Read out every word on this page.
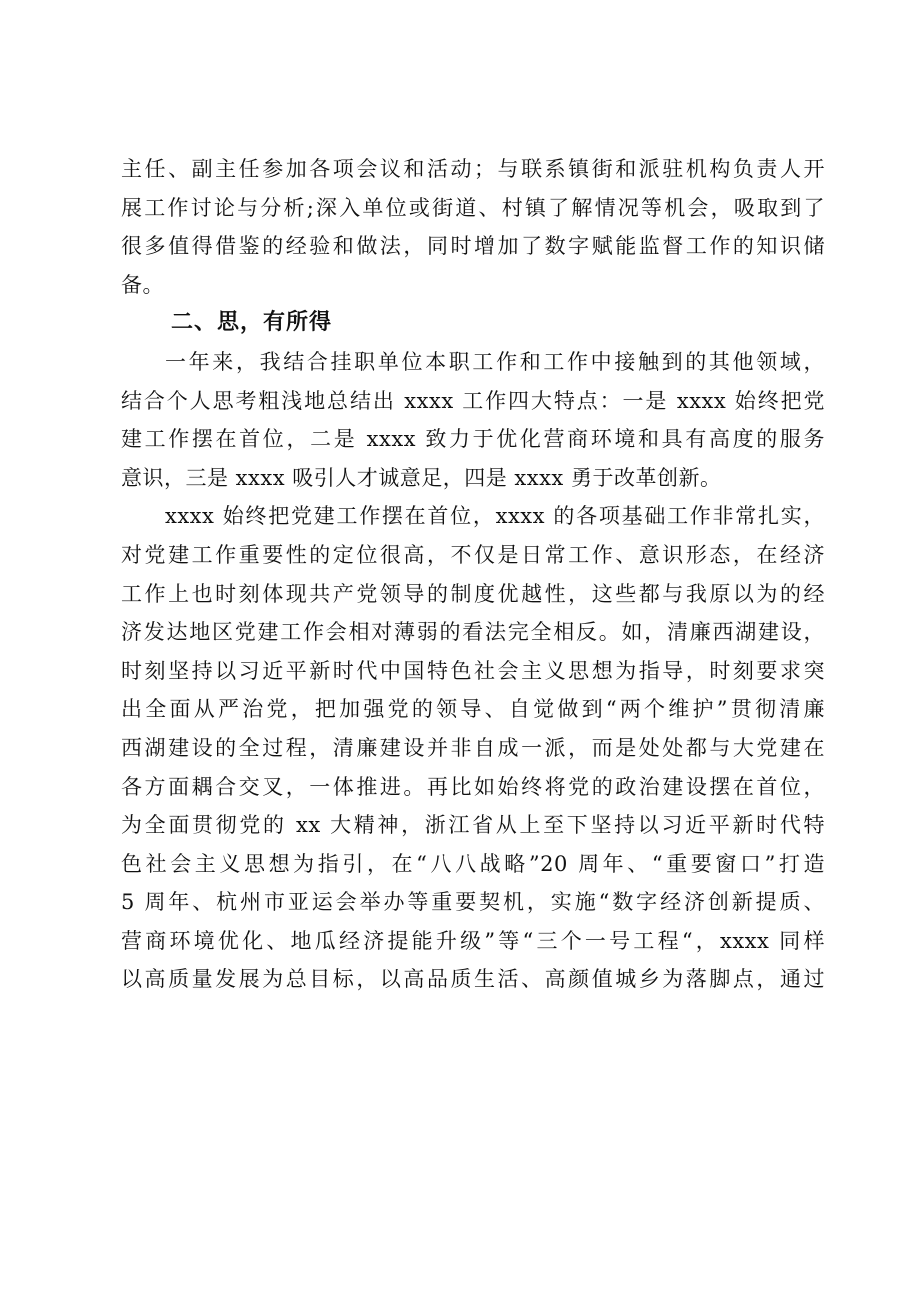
主任、副主任参加各项会议和活动；与联系镇街和派驻机构负责人开
展工作讨论与分析;深入单位或街道、村镇了解情况等机会，吸取到了
很多值得借鉴的经验和做法，同时增加了数字赋能监督工作的知识储
备。
二、思，有所得
一年来，我结合挂职单位本职工作和工作中接触到的其他领域，
结合个人思考粗浅地总结出 xxxx 工作四大特点：一是 xxxx 始终把党
建工作摆在首位，二是 xxxx 致力于优化营商环境和具有高度的服务
意识，三是 xxxx 吸引人才诚意足，四是 xxxx 勇于改革创新。
xxxx 始终把党建工作摆在首位，xxxx 的各项基础工作非常扎实，
对党建工作重要性的定位很高，不仅是日常工作、意识形态，在经济
工作上也时刻体现共产党领导的制度优越性，这些都与我原以为的经
济发达地区党建工作会相对薄弱的看法完全相反。如，清廉西湖建设，
时刻坚持以习近平新时代中国特色社会主义思想为指导，时刻要求突
出全面从严治党，把加强党的领导、自觉做到“两个维护”贯彻清廉
西湖建设的全过程，清廉建设并非自成一派，而是处处都与大党建在
各方面耦合交叉，一体推进。再比如始终将党的政治建设摆在首位，
为全面贯彻党的 xx 大精神，浙江省从上至下坚持以习近平新时代特
色社会主义思想为指引，在“八八战略”20 周年、“重要窗口”打造
5 周年、杭州市亚运会举办等重要契机，实施“数字经济创新提质、
营商环境优化、地瓜经济提能升级”等“三个一号工程“，xxxx 同样
以高质量发展为总目标，以高品质生活、高颜值城乡为落脚点，通过
